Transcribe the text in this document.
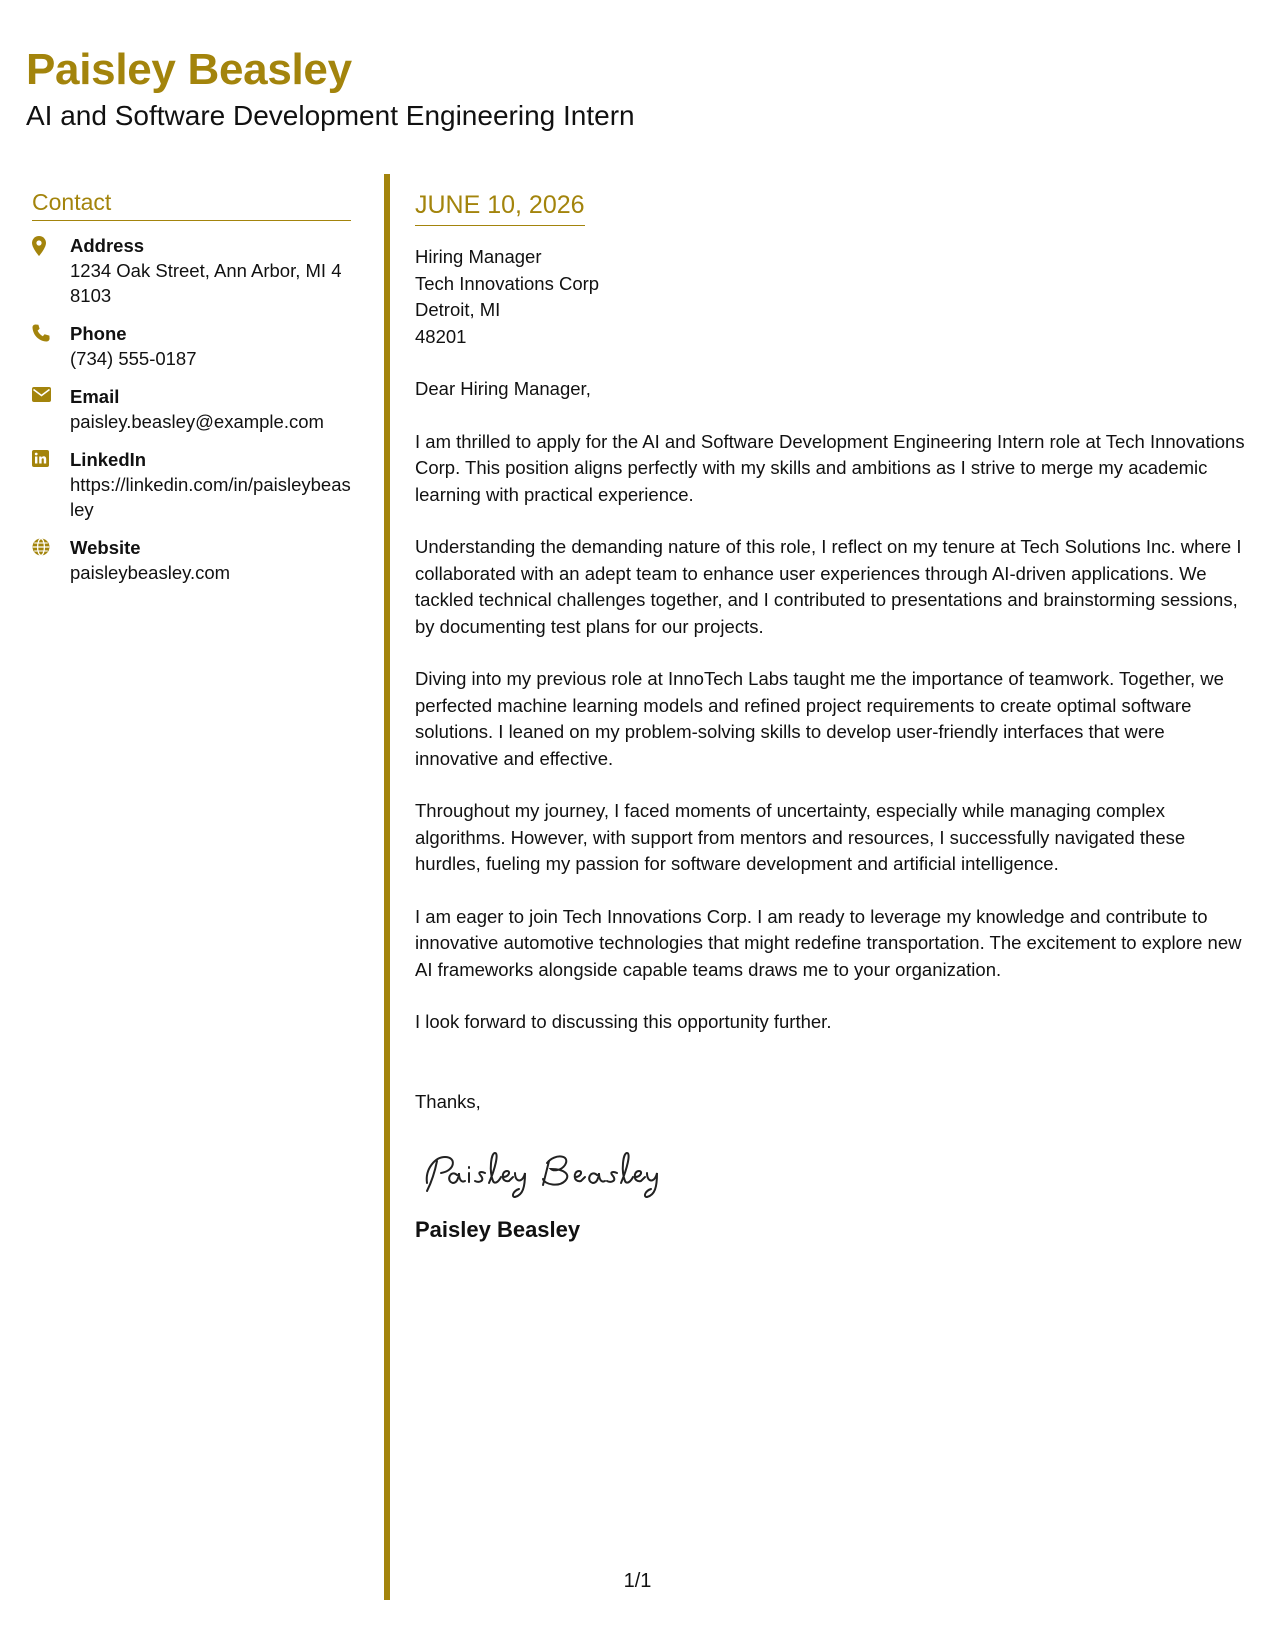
Paisley Beasley
AI and Software Development Engineering Intern
Contact
Address
1234 Oak Street, Ann Arbor, MI 48103
Phone
(734) 555-0187
Email
paisley.beasley@example.com
LinkedIn
https://linkedin.com/in/paisleybeasley
Website
paisleybeasley.com
JUNE 10, 2026
Hiring Manager
Tech Innovations Corp
Detroit, MI
48201
Dear Hiring Manager,

I am thrilled to apply for the AI and Software Development Engineering Intern role at Tech Innovations Corp. This position aligns perfectly with my skills and ambitions as I strive to merge my academic learning with practical experience.

Understanding the demanding nature of this role, I reflect on my tenure at Tech Solutions Inc. where I collaborated with an adept team to enhance user experiences through AI-driven applications. We tackled technical challenges together, and I contributed to presentations and brainstorming sessions, by documenting test plans for our projects.

Diving into my previous role at InnoTech Labs taught me the importance of teamwork. Together, we perfected machine learning models and refined project requirements to create optimal software solutions. I leaned on my problem-solving skills to develop user-friendly interfaces that were innovative and effective.

Throughout my journey, I faced moments of uncertainty, especially while managing complex algorithms. However, with support from mentors and resources, I successfully navigated these hurdles, fueling my passion for software development and artificial intelligence.

I am eager to join Tech Innovations Corp. I am ready to leverage my knowledge and contribute to innovative automotive technologies that might redefine transportation. The excitement to explore new AI frameworks alongside capable teams draws me to your organization.

I look forward to discussing this opportunity further.

Thanks,
Paisley Beasley
1/1
